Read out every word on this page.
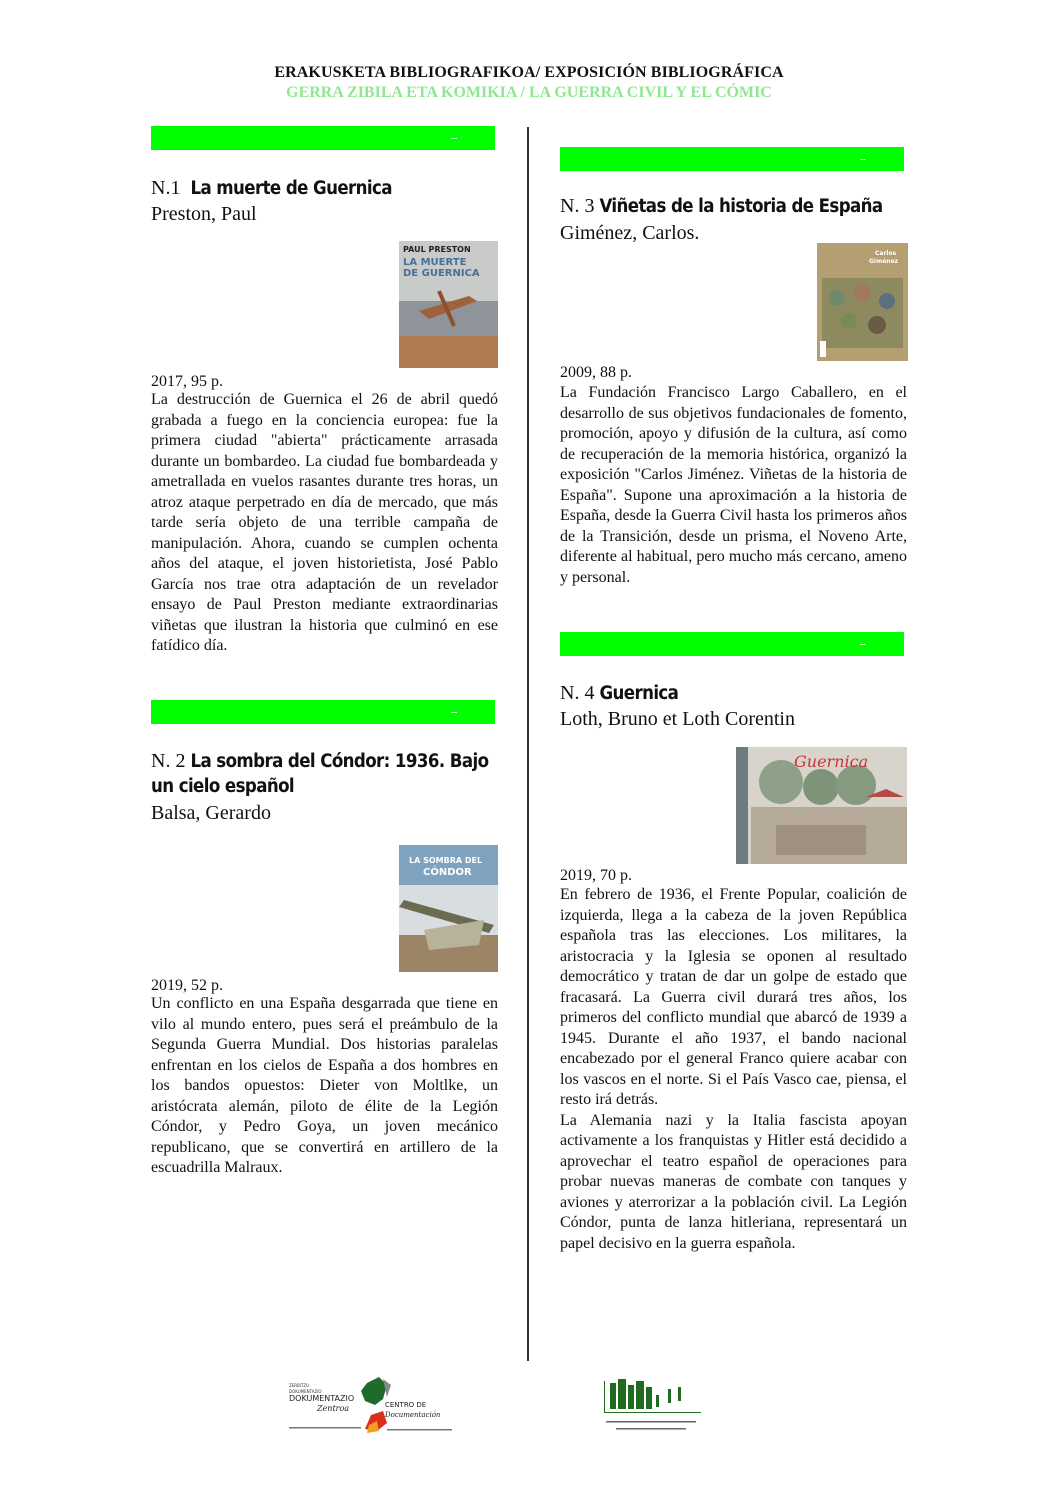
ERAKUSKETA BIBLIOGRAFIKOA/ EXPOSICIÓN BIBLIOGRÁFICA
GERRA ZIBILA ETA KOMIKIA / LA GUERRA CIVIL Y EL CÓMIC
N.1 La muerte de Guernica
Preston, Paul
PAUL PRESTON
LA MUERTE
DE GUERNICA
2017, 95 p.

La destrucción de Guernica el 26 de abril quedó grabada a fuego en la conciencia europea: fue la primera ciudad "abierta" prácticamente arrasada durante un bombardeo. La ciudad fue bombardeada y ametrallada en vuelos rasantes durante tres horas, un atroz ataque perpetrado en día de mercado, que más tarde sería objeto de una terrible campaña de manipulación. Ahora, cuando se cumplen ochenta años del ataque, el joven historietista, José Pablo García nos trae otra adaptación de un revelador ensayo de Paul Preston mediante extraordinarias viñetas que ilustran la historia que culminó en ese fatídico día.

N. 2 La sombra del Cóndor: 1936. Bajo un cielo español
Balsa, Gerardo
LA SOMBRA DEL
CÓNDOR
2019, 52 p.

Un conflicto en una España desgarrada que tiene en vilo al mundo entero, pues será el preámbulo de la Segunda Guerra Mundial. Dos historias paralelas enfrentan en los cielos de España a dos hombres en los bandos opuestos: Dieter von Moltlke, un aristócrata alemán, piloto de élite de la Legión Cóndor, y Pedro Goya, un joven mecánico republicano, que se convertirá en artillero de la escuadrilla Malraux.

N. 3 Viñetas de la historia de España
Giménez, Carlos.
Carlos
Giménez
2009, 88 p.

La Fundación Francisco Largo Caballero, en el desarrollo de sus objetivos fundacionales de fomento, promoción, apoyo y difusión de la cultura, así como de recuperación de la memoria histórica, organizó la exposición "Carlos Jiménez. Viñetas de la historia de España". Supone una aproximación a la historia de España, desde la Guerra Civil hasta los primeros años de la Transición, desde un prisma, el Noveno Arte, diferente al habitual, pero mucho más cercano, ameno y personal.

N. 4 Guernica
Loth, Bruno et Loth Corentin
Guernica
2019, 70 p.

En febrero de 1936, el Frente Popular, coalición de izquierda, llega a la cabeza de la joven República española tras las elecciones. Los militares, la aristocracia y la Iglesia se oponen al resultado democrático y tratan de dar un golpe de estado que fracasará. La Guerra civil durará tres años, los primeros del conflicto mundial que abarcó de 1939 a 1945. Durante el año 1937, el bando nacional encabezado por el general Franco quiere acabar con los vascos en el norte. Si el País Vasco cae, piensa, el resto irá detrás.

La Alemania nazi y la Italia fascista apoyan activamente a los franquistas y Hitler está decidido a aprovechar el teatro español de operaciones para probar nuevas maneras de combate con tanques y aviones y aterrorizar a la población civil. La Legión Cóndor, punta de lanza hitleriana, representará un papel decisivo en la guerra española.

ZERBITZU
DOKUMENTAZIO
DOKUMENTAZIO
Zentroa	CENTRO DE
Documentación
